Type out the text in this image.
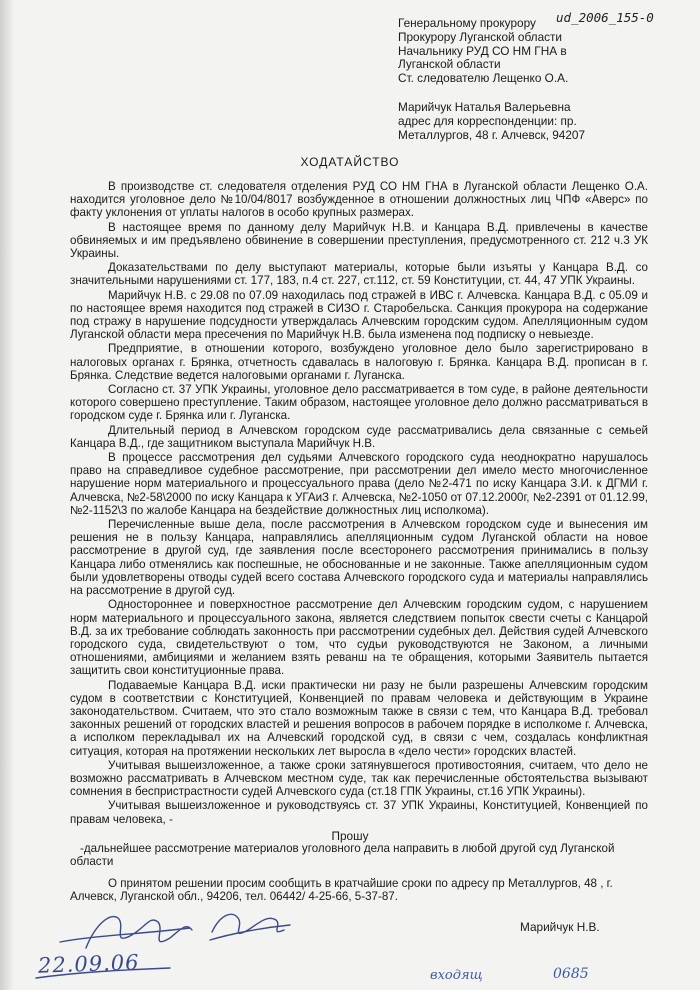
ud_2006_155-0
Генеральному прокурору
Прокурору Луганской области
Начальнику РУД СО НМ ГНА в
Луганской области
Ст. следователю Лещенко О.А.
Марийчук Наталья Валерьевна
адрес для корреспонденции: пр.
Металлургов, 48 г. Алчевск, 94207
ХОДАТАЙСТВО

В производстве ст. следователя отделения РУД СО НМ ГНА в Луганской области Лещенко О.А. находится уголовное дело №10/04/8017 возбужденное в отношении должностных лиц ЧПФ «Аверс» по факту уклонения от уплаты налогов в особо крупных размерах.

В настоящее время по данному делу Марийчук Н.В. и Канцара В.Д. привлечены в качестве обвиняемых и им предъявлено обвинение в совершении преступления, предусмотренного ст. 212 ч.3 УК Украины.

Доказательствами по делу выступают материалы, которые были изъяты у Канцара В.Д. со значительными нарушениями ст. 177, 183, п.4 ст. 227, ст.112, ст. 59 Конституции, ст. 44, 47 УПК Украины.

Марийчук Н.В. с 29.08 по 07.09 находилась под стражей в ИВС г. Алчевска. Канцара В.Д. с 05.09 и по настоящее время находится под стражей в СИЗО г. Старобельска. Санкция прокурора на содержание под стражу в нарушение подсудности утверждалась Алчевским городским судом. Апелляционным судом Луганской области мера пресечения по Марийчук Н.В. была изменена под подписку о невыезде.

Предприятие, в отношении которого, возбуждено уголовное дело было зарегистрировано в налоговых органах г. Брянка, отчетность сдавалась в налоговую г. Брянка. Канцара В.Д. прописан в г. Брянка. Следствие ведется налоговыми органами г. Луганска.

Согласно ст. 37 УПК Украины, уголовное дело рассматривается в том суде, в районе деятельности которого совершено преступление. Таким образом, настоящее уголовное дело должно рассматриваться в городском суде г. Брянка или г. Луганска.

Длительный период в Алчевском городском суде рассматривались дела связанные с семьей Канцара В.Д., где защитником выступала Марийчук Н.В.

В процессе рассмотрения дел судьями Алчевского городского суда неоднократно нарушалось право на справедливое судебное рассмотрение, при рассмотрении дел имело место многочисленное нарушение норм материального и процессуального права (дело №2-471 по иску Канцара З.И. к ДГМИ г. Алчевска, №2-58\2000 по иску Канцара к УГАиЗ г. Алчевска, №2-1050 от 07.12.2000г, №2-2391 от 01.12.99, №2-1152\3 по жалобе Канцара на бездействие должностных лиц исполкома).

Перечисленные выше дела, после рассмотрения в Алчевском городском суде и вынесения им решения не в пользу Канцара, направлялись апелляционным судом Луганской области на новое рассмотрение в другой суд, где заявления после всесторонего рассмотрения принимались в пользу Канцара либо отменялись как поспешные, не обоснованные и не законные. Также апелляционным судом были удовлетворены отводы судей всего состава Алчевского городского суда и материалы направлялись на рассмотрение в другой суд.

Одностороннее и поверхностное рассмотрение дел Алчевским городским судом, с нарушением норм материального и процессуального закона, является следствием попыток свести счеты с Канцарой В.Д. за их требование соблюдать законность при рассмотрении судебных дел. Действия судей Алчевского городского суда, свидетельствуют о том, что судьи руководствуются не Законом, а личными отношениями, амбициями и желанием взять реванш на те обращения, которыми Заявитель пытается защитить свои конституционные права.

Подаваемые Канцара В.Д. иски практически ни разу не были разрешены Алчевским городским судом в соответствии с Конституцией, Конвенцией по правам человека и действующим в Украине законодательством. Считаем, что это стало возможным также в связи с тем, что Канцара В.Д. требовал законных решений от городских властей и решения вопросов в рабочем порядке в исполкоме г. Алчевска, а исполком перекладывал их на Алчевский городской суд, в связи с чем, создалась конфликтная ситуация, которая на протяжении нескольких лет выросла в «дело чести» городских властей.

Учитывая вышеизложенное, а также сроки затянувшегося противостояния, считаем, что дело не возможно рассматривать в Алчевском местном суде, так как перечисленные обстоятельства вызывают сомнения в беспристрастности судей Алчевского суда (ст.18 ГПК Украины, ст.16 УПК Украины).

Учитывая вышеизложенное и руководствуясь ст. 37 УПК Украины, Конституцией, Конвенцией по правам человека, -

Прошу
-дальнейшее рассмотрение материалов уголовного дела направить в любой другой суд Луганской области
О принятом решении просим сообщить в кратчайшие сроки по адресу пр Металлургов, 48 , г. Алчевск, Луганской обл., 94206, тел. 06442/ 4-25-66, 5-37-87.
Марийчук Н.В.
22.09.06	входящ	0685
